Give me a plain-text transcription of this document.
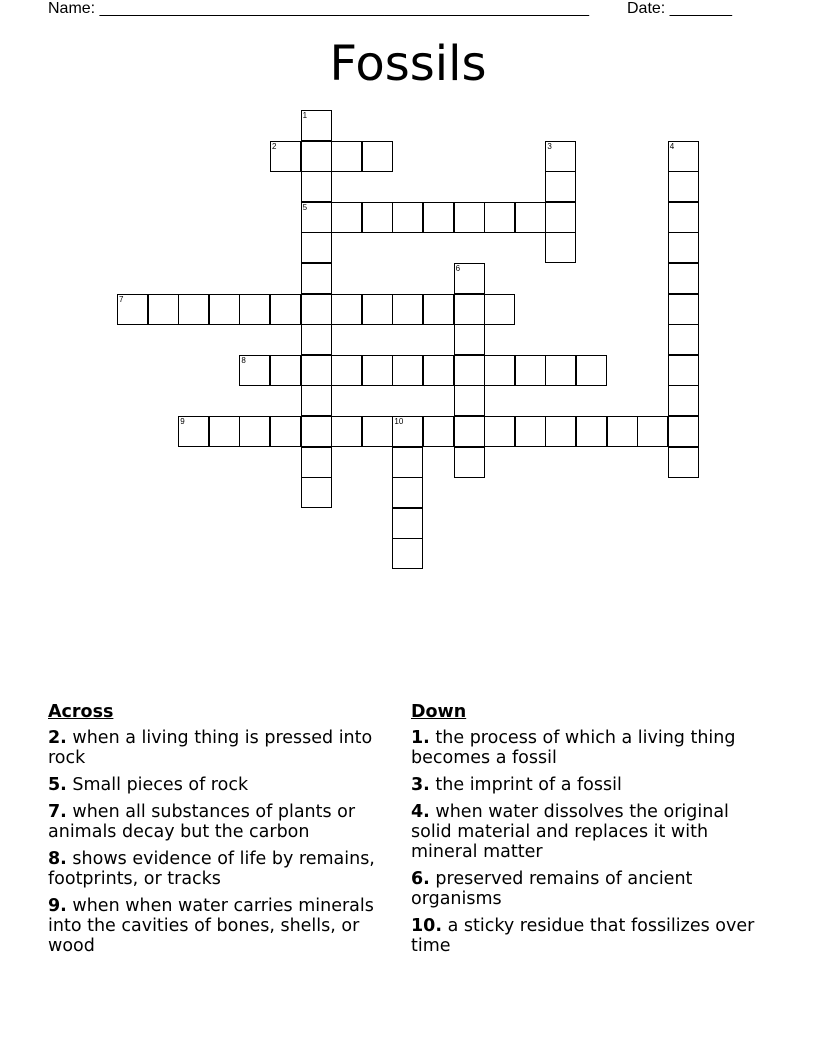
Name: _______________________________________________________ Date: _______
Fossils
1
2	3	4
5
6
7
8
9	10
Across
2. when a living thing is pressed into rock
5. Small pieces of rock
7. when all substances of plants or animals decay but the carbon
8. shows evidence of life by remains, footprints, or tracks
9. when when water carries minerals into the cavities of bones, shells, or wood
Down
1. the process of which a living thing becomes a fossil
3. the imprint of a fossil
4. when water dissolves the original solid material and replaces it with mineral matter
6. preserved remains of ancient organisms
10. a sticky residue that fossilizes over time
